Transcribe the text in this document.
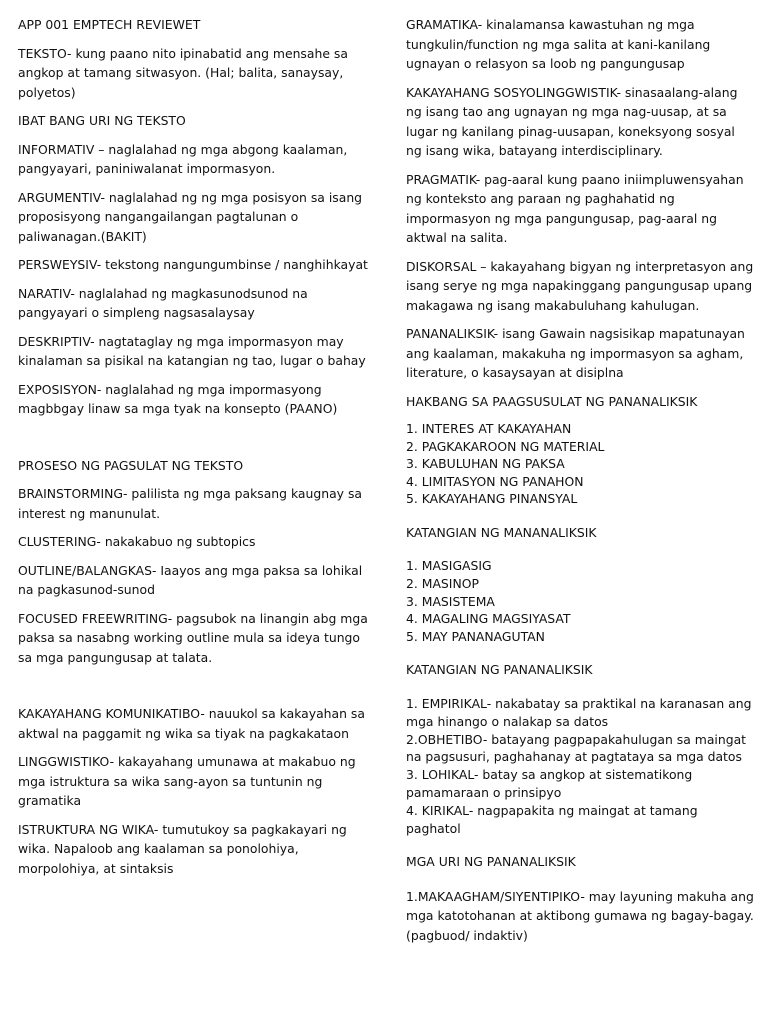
APP 001 EMPTECH REVIEWET

TEKSTO- kung paano nito ipinabatid ang mensahe sa angkop at tamang sitwasyon. (Hal; balita, sanaysay, polyetos)

IBAT BANG URI NG TEKSTO

INFORMATIV – naglalahad ng mga abgong kaalaman, pangyayari, paniniwalanat impormasyon.

ARGUMENTIV- naglalahad ng ng mga posisyon sa isang proposisyong nangangailangan pagtalunan o paliwanagan.(BAKIT)

PERSWEYSIV- tekstong nangungumbinse / nanghihkayat

NARATIV- naglalahad ng magkasunodsunod na pangyayari o simpleng nagsasalaysay

DESKRIPTIV- nagtataglay ng mga impormasyon may kinalaman sa pisikal na katangian ng tao, lugar o bahay

EXPOSISYON- naglalahad ng mga impormasyong magbbgay linaw sa mga tyak na konsepto (PAANO)

PROSESO NG PAGSULAT NG TEKSTO

BRAINSTORMING- palilista ng mga paksang kaugnay sa interest ng manunulat.

CLUSTERING- nakakabuo ng subtopics

OUTLINE/BALANGKAS- Iaayos ang mga paksa sa lohikal na pagkasunod-sunod

FOCUSED FREEWRITING- pagsubok na linangin abg mga paksa sa nasabng working outline mula sa ideya tungo sa mga pangungusap at talata.

KAKAYAHANG KOMUNIKATIBO- nauukol sa kakayahan sa aktwal na paggamit ng wika sa tiyak na pagkakataon

LINGGWISTIKO- kakayahang umunawa at makabuo ng mga istruktura sa wika sang-ayon sa tuntunin ng gramatika

ISTRUKTURA NG WIKA- tumutukoy sa pagkakayari ng wika. Napaloob ang kaalaman sa ponolohiya, morpolohiya, at sintaksis

GRAMATIKA- kinalamansa kawastuhan ng mga tungkulin/function ng mga salita at kani-kanilang ugnayan o relasyon sa loob ng pangungusap

KAKAYAHANG SOSYOLINGGWISTIK- sinasaalang-alang ng isang tao ang ugnayan ng mga nag-uusap, at sa lugar ng kanilang pinag-uusapan, koneksyong sosyal ng isang wika, batayang interdisciplinary.

PRAGMATIK- pag-aaral kung paano iniimpluwensyahan ng konteksto ang paraan ng paghahatid ng impormasyon ng mga pangungusap, pag-aaral ng aktwal na salita.

DISKORSAL – kakayahang bigyan ng interpretasyon ang isang serye ng mga napakinggang pangungusap upang makagawa ng isang makabuluhang kahulugan.

PANANALIKSIK- isang Gawain nagsisikap mapatunayan ang kaalaman, makakuha ng impormasyon sa agham, literature, o kasaysayan at disiplna

HAKBANG SA PAAGSUSULAT NG PANANALIKSIK

1. INTERES AT KAKAYAHAN
2. PAGKAKAROON NG MATERIAL
3. KABULUHAN NG PAKSA
4. LIMITASYON NG PANAHON
5. KAKAYAHANG PINANSYAL

KATANGIAN NG MANANALIKSIK

1. MASIGASIG
2. MASINOP
3. MASISTEMA
4. MAGALING MAGSIYASAT
5. MAY PANANAGUTAN

KATANGIAN NG PANANALIKSIK

1. EMPIRIKAL- nakabatay sa praktikal na karanasan ang mga hinango o nalakap sa datos
2.OBHETIBO- batayang pagpapakahulugan sa maingat na pagsusuri, paghahanay at pagtataya sa mga datos
3. LOHIKAL- batay sa angkop at sistematikong pamamaraan o prinsipyo
4. KIRIKAL- nagpapakita ng maingat at tamang paghatol

MGA URI NG PANANALIKSIK

1.MAKAAGHAM/SIYENTIPIKO- may layuning makuha ang mga katotohanan at aktibong gumawa ng bagay-bagay. (pagbuod/ indaktiv)
